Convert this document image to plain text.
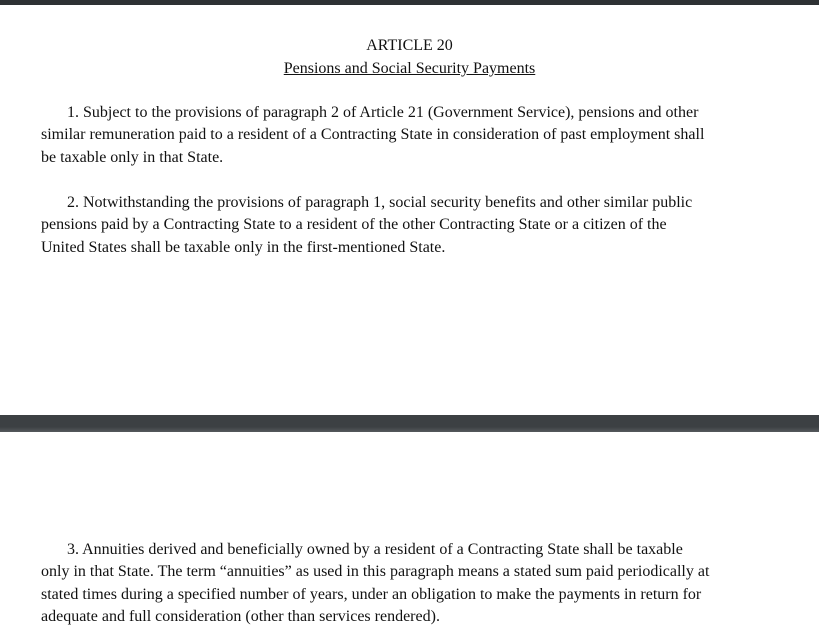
ARTICLE 20
Pensions and Social Security Payments

1. Subject to the provisions of paragraph 2 of Article 21 (Government Service), pensions and other
similar remuneration paid to a resident of a Contracting State in consideration of past employment shall
be taxable only in that State.

2. Notwithstanding the provisions of paragraph 1, social security benefits and other similar public
pensions paid by a Contracting State to a resident of the other Contracting State or a citizen of the
United States shall be taxable only in the first-mentioned State.

3. Annuities derived and beneficially owned by a resident of a Contracting State shall be taxable
only in that State. The term “annuities” as used in this paragraph means a stated sum paid periodically at
stated times during a specified number of years, under an obligation to make the payments in return for
adequate and full consideration (other than services rendered).
